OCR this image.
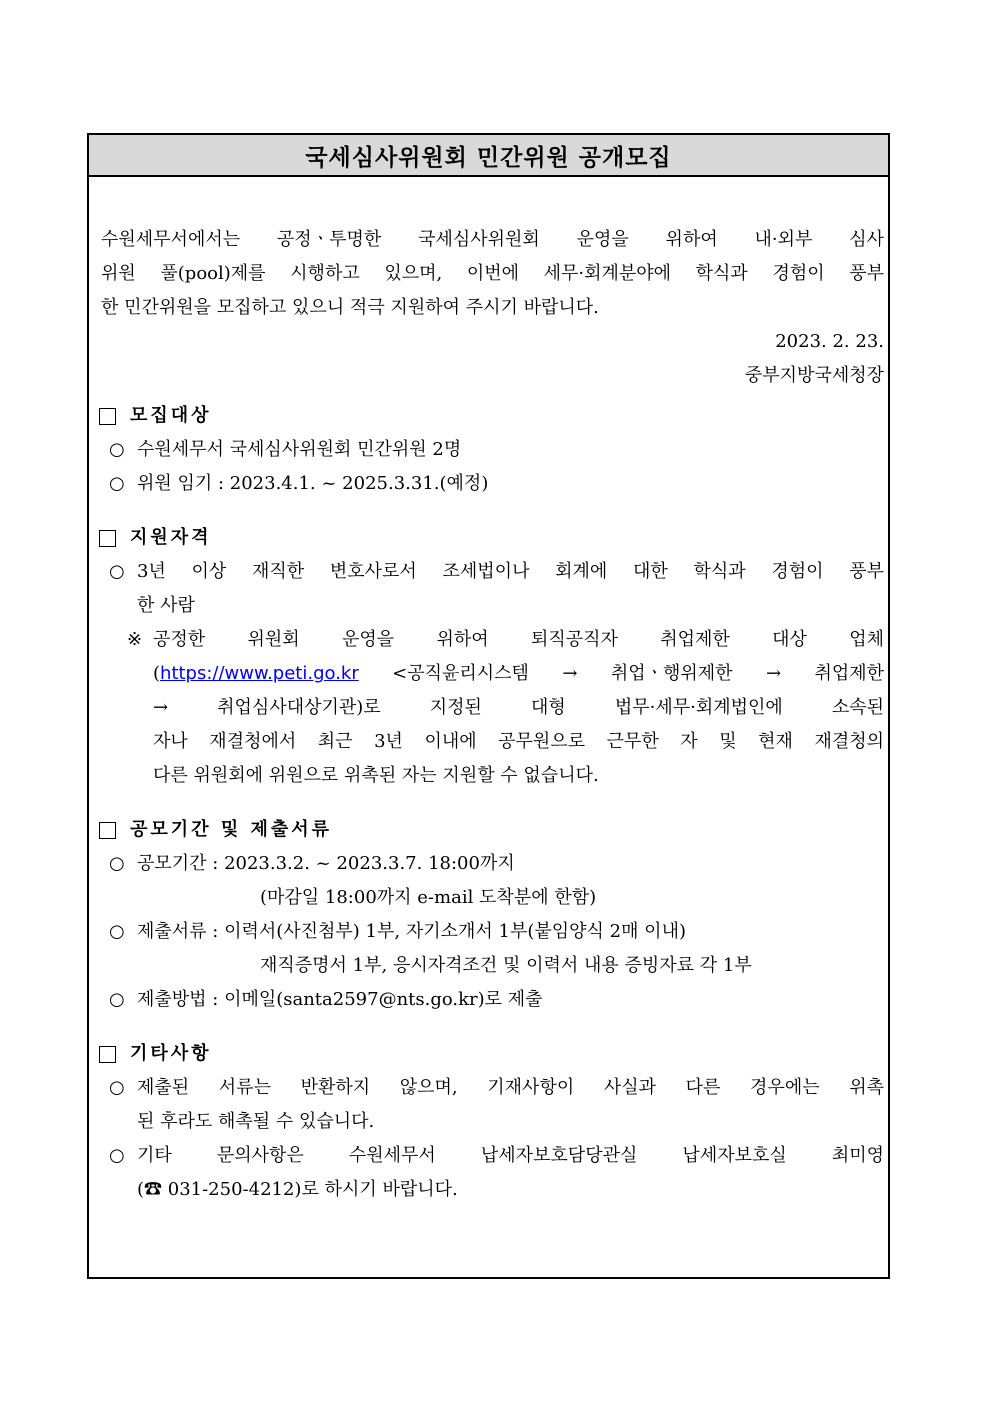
국세심사위원회 민간위원 공개모집

수원세무서에서는 공정ㆍ투명한 국세심사위원회 운영을 위하여 내·외부 심사
위원 풀(pool)제를 시행하고 있으며, 이번에 세무·회계분야에 학식과 경험이 풍부
한 민간위원을 모집하고 있으니 적극 지원하여 주시기 바랍니다.

2023. 2. 23.

중부지방국세청장

모집대상
○ 수원세무서 국세심사위원회 민간위원 2명
○ 위원 임기 : 2023.4.1. ~ 2025.3.31.(예정)
지원자격
○ 3년 이상 재직한 변호사로서 조세법이나 회계에 대한 학식과 경험이 풍부
한 사람
※ 공정한 위원회 운영을 위하여 퇴직공직자 취업제한 대상 업체
(https://www.peti.go.kr <공직윤리시스템 → 취업ㆍ행위제한 → 취업제한
→ 취업심사대상기관)로 지정된 대형 법무·세무·회계법인에 소속된
자나 재결청에서 최근 3년 이내에 공무원으로 근무한 자 및 현재 재결청의
다른 위원회에 위원으로 위촉된 자는 지원할 수 없습니다.
공모기간 및 제출서류
○ 공모기간 : 2023.3.2. ~ 2023.3.7. 18:00까지
(마감일 18:00까지 e-mail 도착분에 한함)
○ 제출서류 : 이력서(사진첨부) 1부, 자기소개서 1부(붙임양식 2매 이내)
재직증명서 1부, 응시자격조건 및 이력서 내용 증빙자료 각 1부
○ 제출방법 : 이메일(santa2597@nts.go.kr)로 제출
기타사항
○ 제출된 서류는 반환하지 않으며, 기재사항이 사실과 다른 경우에는 위촉
된 후라도 해촉될 수 있습니다.
○ 기타 문의사항은 수원세무서 납세자보호담당관실 납세자보호실 최미영
(☎ 031-250-4212)로 하시기 바랍니다.
